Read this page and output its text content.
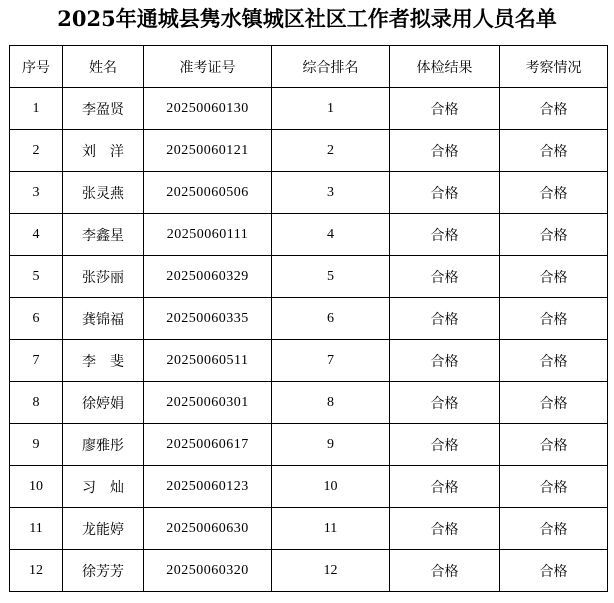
2025年通城县隽水镇城区社区工作者拟录用人员名单
序号	姓名	准考证号	综合排名	体检结果	考察情况
1	李盈贤	20250060130	1	合格	合格
2	刘　洋	20250060121	2	合格	合格
3	张灵燕	20250060506	3	合格	合格
4	李鑫星	20250060111	4	合格	合格
5	张莎丽	20250060329	5	合格	合格
6	龚锦福	20250060335	6	合格	合格
7	李　斐	20250060511	7	合格	合格
8	徐婷娟	20250060301	8	合格	合格
9	廖雅彤	20250060617	9	合格	合格
10	习　灿	20250060123	10	合格	合格
11	龙能婷	20250060630	11	合格	合格
12	徐芳芳	20250060320	12	合格	合格
